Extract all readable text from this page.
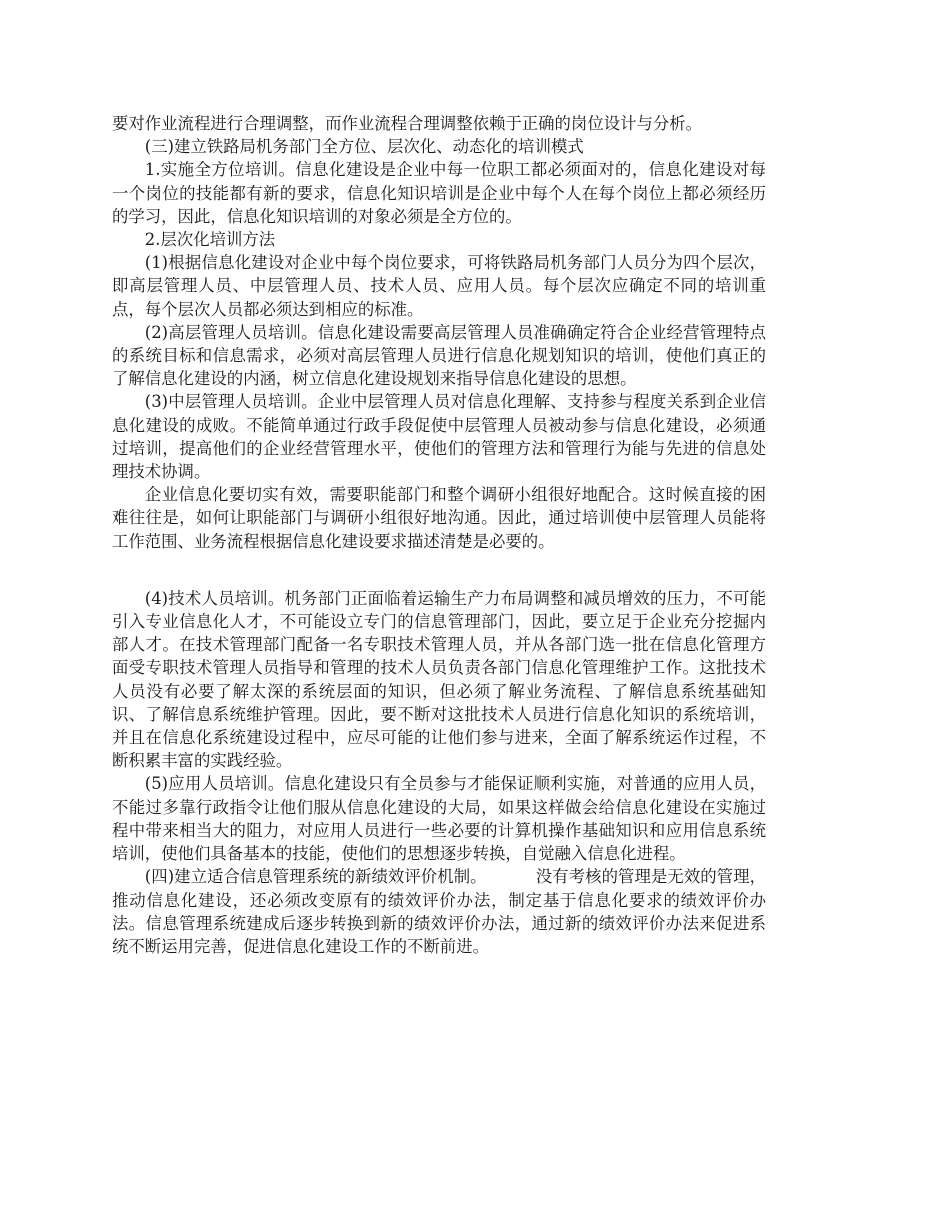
要对作业流程进行合理调整，而作业流程合理调整依赖于正确的岗位设计与分析。

(三)建立铁路局机务部门全方位、层次化、动态化的培训模式

1.实施全方位培训。信息化建设是企业中每一位职工都必须面对的，信息化建设对每一个岗位的技能都有新的要求，信息化知识培训是企业中每个人在每个岗位上都必须经历的学习，因此，信息化知识培训的对象必须是全方位的。

2.层次化培训方法

(1)根据信息化建设对企业中每个岗位要求，可将铁路局机务部门人员分为四个层次，即高层管理人员、中层管理人员、技术人员、应用人员。每个层次应确定不同的培训重点，每个层次人员都必须达到相应的标准。

(2)高层管理人员培训。信息化建设需要高层管理人员准确确定符合企业经营管理特点的系统目标和信息需求，必须对高层管理人员进行信息化规划知识的培训，使他们真正的了解信息化建设的内涵，树立信息化建设规划来指导信息化建设的思想。

(3)中层管理人员培训。企业中层管理人员对信息化理解、支持参与程度关系到企业信息化建设的成败。不能简单通过行政手段促使中层管理人员被动参与信息化建设，必须通过培训，提高他们的企业经营管理水平，使他们的管理方法和管理行为能与先进的信息处理技术协调。

企业信息化要切实有效，需要职能部门和整个调研小组很好地配合。这时候直接的困难往往是，如何让职能部门与调研小组很好地沟通。因此，通过培训使中层管理人员能将工作范围、业务流程根据信息化建设要求描述清楚是必要的。

(4)技术人员培训。机务部门正面临着运输生产力布局调整和减员增效的压力，不可能引入专业信息化人才，不可能设立专门的信息管理部门，因此，要立足于企业充分挖掘内部人才。在技术管理部门配备一名专职技术管理人员，并从各部门选一批在信息化管理方面受专职技术管理人员指导和管理的技术人员负责各部门信息化管理维护工作。这批技术人员没有必要了解太深的系统层面的知识，但必须了解业务流程、了解信息系统基础知识、了解信息系统维护管理。因此，要不断对这批技术人员进行信息化知识的系统培训，并且在信息化系统建设过程中，应尽可能的让他们参与进来，全面了解系统运作过程，不断积累丰富的实践经验。

(5)应用人员培训。信息化建设只有全员参与才能保证顺利实施，对普通的应用人员，不能过多靠行政指令让他们服从信息化建设的大局，如果这样做会给信息化建设在实施过程中带来相当大的阻力，对应用人员进行一些必要的计算机操作基础知识和应用信息系统培训，使他们具备基本的技能，使他们的思想逐步转换，自觉融入信息化进程。

(四)建立适合信息管理系统的新绩效评价机制。	没有考核的管理是无效的管理，推动信息化建设，还必须改变原有的绩效评价办法，制定基于信息化要求的绩效评价办法。信息管理系统建成后逐步转换到新的绩效评价办法，通过新的绩效评价办法来促进系统不断运用完善，促进信息化建设工作的不断前进。
